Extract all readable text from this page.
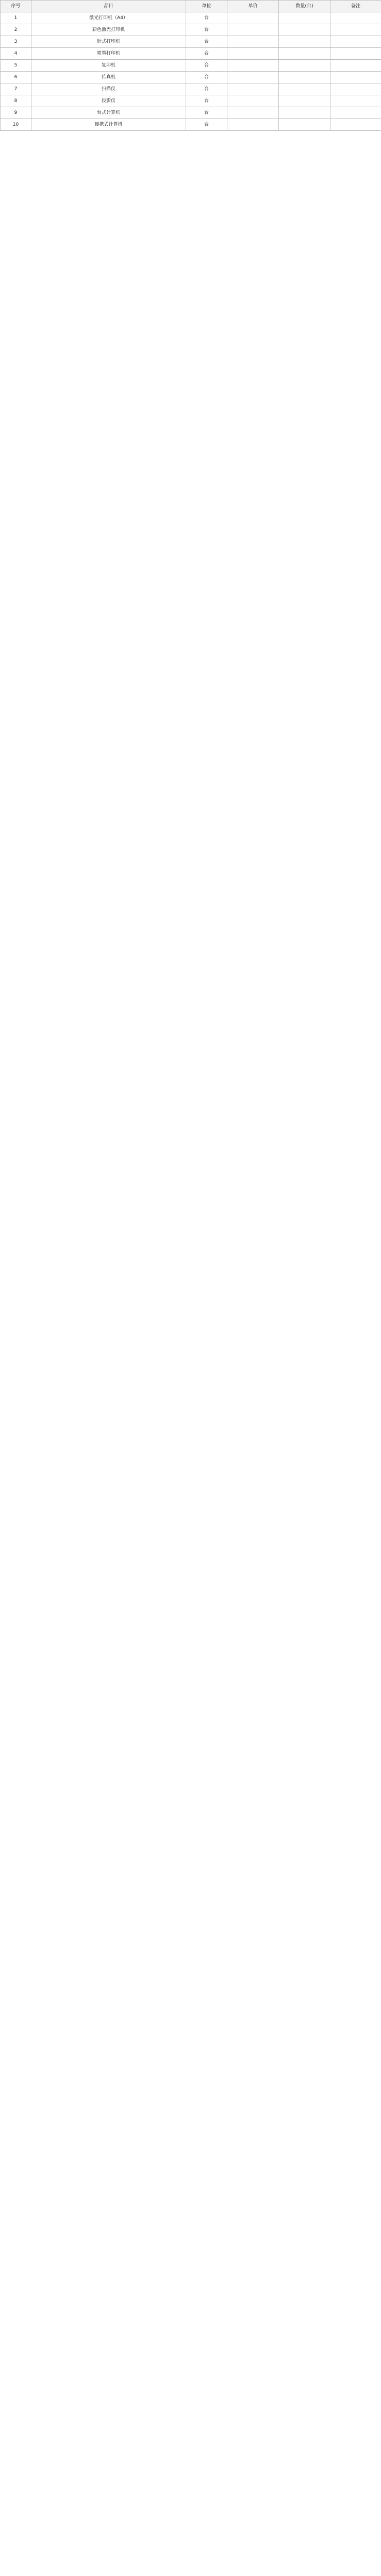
序号	品目	单位	单价	数量(台)	备注
1	激光打印机（A4）	台			
2	彩色激光打印机	台			
3	针式打印机	台			
4	喷墨打印机	台			
5	复印机	台			
6	传真机	台			
7	扫描仪	台			
8	投影仪	台			
9	台式计算机	台			
10	便携式计算机	台			
